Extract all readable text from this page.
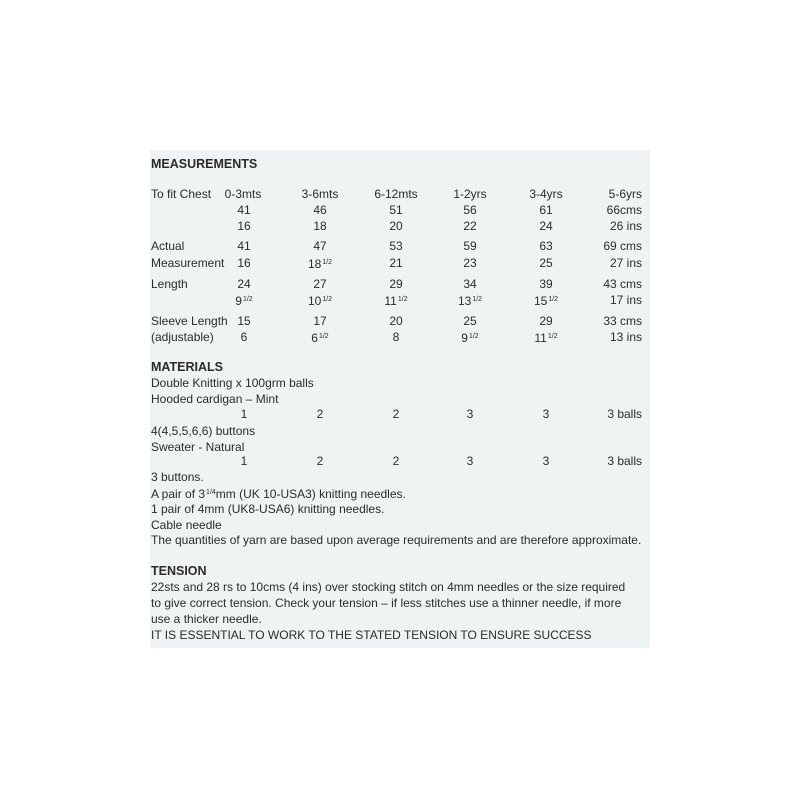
MEASUREMENTS
To fit Chest	0-3mts	3-6mts	6-12mts	1-2yrs	3-4yrs	5-6yrs
41	46	51	56	61	66cms
16	18	20	22	24	26 ins
Actual
Measurement
41	47	53	59	63	69 cms
16	$18^{1/2}$	21	23	25	27 ins
Length	24	27	29	34	39	43 cms
$9^{1/2}$	$10^{1/2}$	$11^{1/2}$	$13^{1/2}$	$15^{1/2}$	17 ins
Sleeve Length
(adjustable)
15	17	20	25	29	33 cms
6	$6^{1/2}$	8	$9^{1/2}$	$11^{1/2}$	13 ins
MATERIALS
Double Knitting x 100grm balls
Hooded cardigan – Mint
1	2	2	3	3	3 balls
4(4,5,5,6,6) buttons
Sweater - Natural
1	2	2	3	3	3 balls
3 buttons.
A pair of $3^{1/4}mm$ (UK 10-USA3) knitting needles.
1 pair of 4mm (UK8-USA6) knitting needles.
Cable needle
The quantities of yarn are based upon average requirements and are therefore approximate.
TENSION
22sts and 28 rs to 10cms (4 ins) over stocking stitch on 4mm needles or the size required
to give correct tension. Check your tension – if less stitches use a thinner needle, if more
use a thicker needle.
IT IS ESSENTIAL TO WORK TO THE STATED TENSION TO ENSURE SUCCESS
